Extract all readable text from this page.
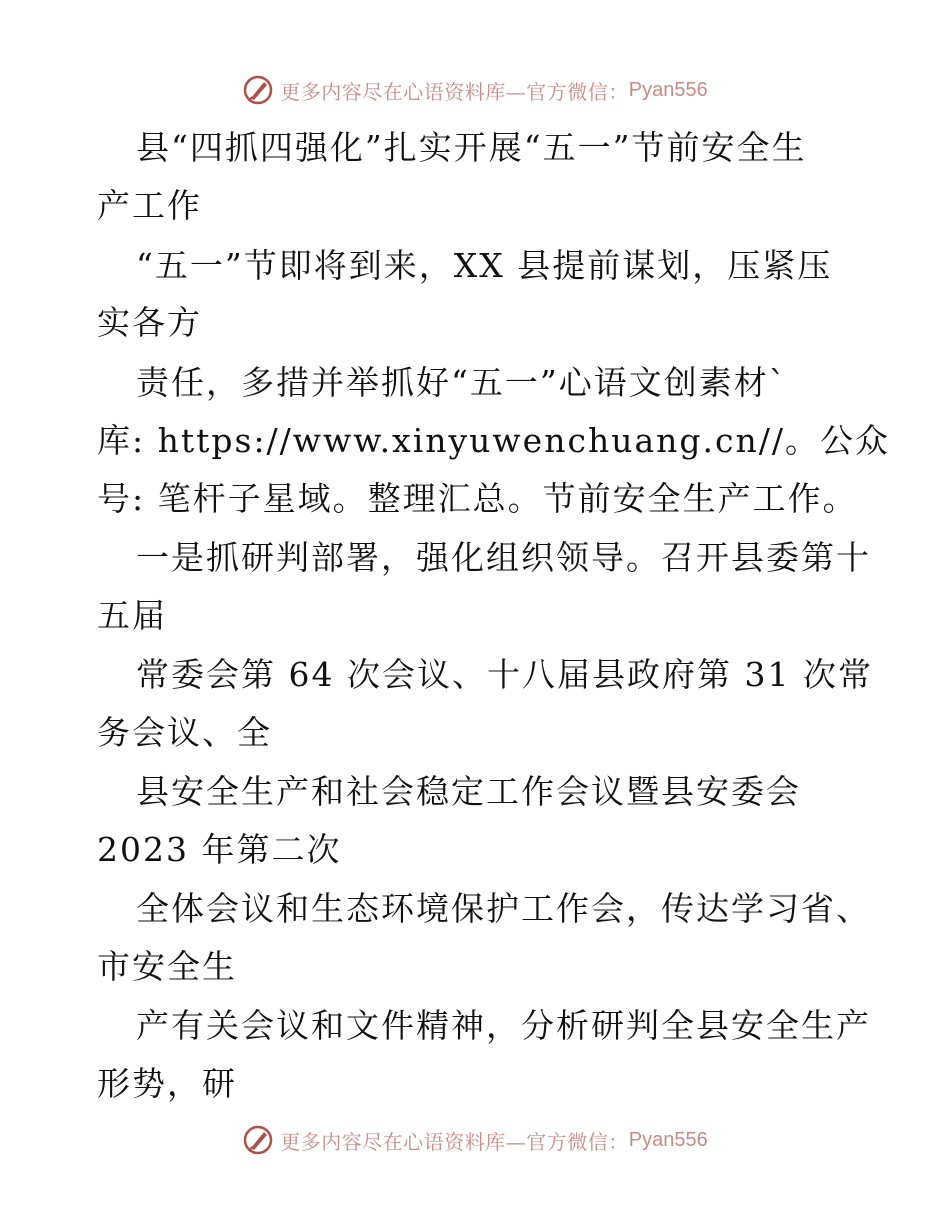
更多内容尽在心语资料库—官方微信： Pyan556
县“四抓四强化”扎实开展“五一”节前安全生
产工作
“五一”节即将到来，XX 县提前谋划，压紧压
实各方
责任，多措并举抓好“五一”心语文创素材`
库: https://www.xinyuwenchuang.cn//。公众
号: 笔杆子星域。整理汇总。节前安全生产工作。
一是抓研判部署，强化组织领导。召开县委第十
五届
常委会第 64 次会议、十八届县政府第 31 次常
务会议、全
县安全生产和社会稳定工作会议暨县安委会
2023 年第二次
全体会议和生态环境保护工作会，传达学习省、
市安全生
产有关会议和文件精神，分析研判全县安全生产
形势，研
更多内容尽在心语资料库—官方微信： Pyan556
